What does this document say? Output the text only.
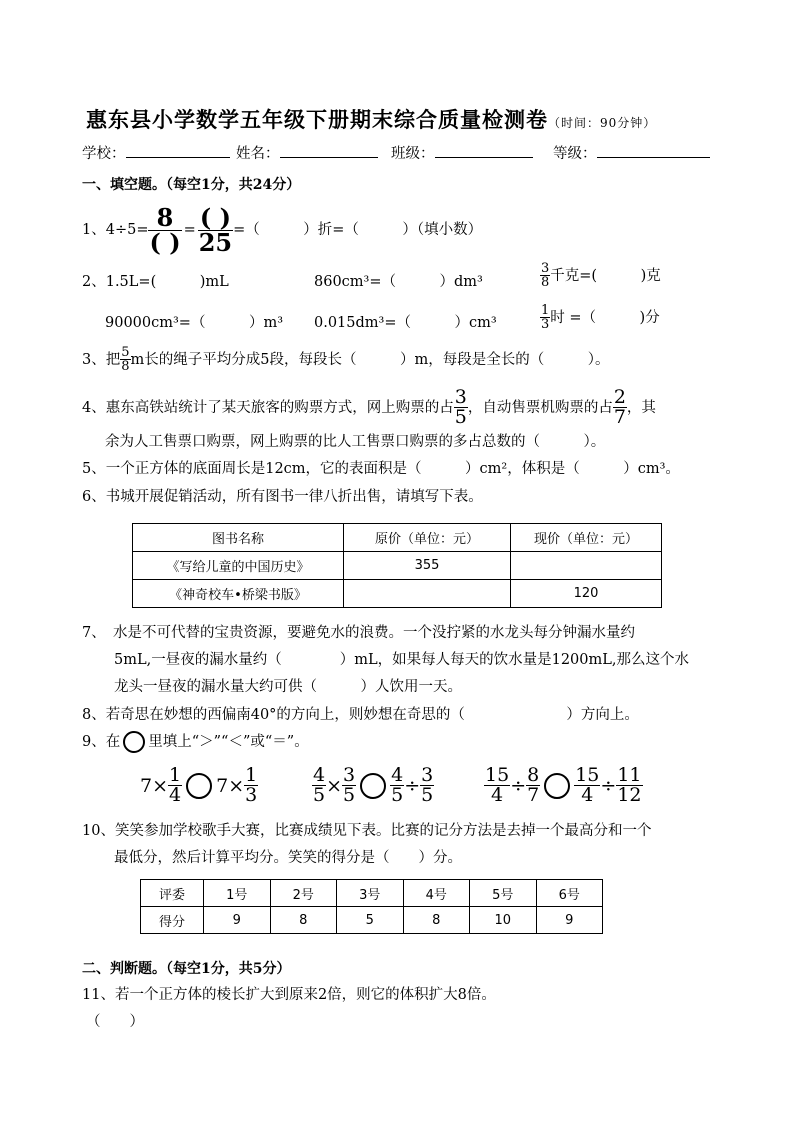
惠东县小学数学五年级下册期末综合质量检测卷（时间：90分钟）
学校：	姓名：	班级：	等级：
一、填空题。（每空1分，共24分）
1、4÷5= 8
( ) = ( )
25 =（　　　）折=（　　　）（填小数）
2、1.5L=(　　　)mL	860cm³=（　　　）dm³
3
8 千克=(　　　)克
90000cm³=（　　　）m³ 0.015dm³=（　　　）cm³
1
3 时 =（　　　)分
3、把 5
8 m长的绳子平均分成5段，每段长（　　　）m，每段是全长的（　　　）。
4、惠东高铁站统计了某天旅客的购票方式，网上购票的占 3
5 ，自动售票机购票的占 2
7 ，其
余为人工售票口购票，网上购票的比人工售票口购票的多占总数的（　　　）。
5、一个正方体的底面周长是12cm，它的表面积是（　　　）cm²，体积是（　　　）cm³。
6、书城开展促销活动，所有图书一律八折出售，请填写下表。
图书名称	原价（单位：元）	现价（单位：元）
《写给儿童的中国历史》	355	
《神奇校车•桥梁书版》		120
7、　水是不可代替的宝贵资源，要避免水的浪费。一个没拧紧的水龙头每分钟漏水量约
5mL,一昼夜的漏水量约（　　　　）mL，如果每人每天的饮水量是1200mL,那么这个水
龙头一昼夜的漏水量大约可供（　　　）人饮用一天。
8、若奇思在妙想的西偏南40°的方向上，则妙想在奇思的（　　　　　　　）方向上。
9、在 里填上“＞”“＜”或“＝”。
7 × 1
4 7 × 1
3
4
5 × 3
5
4
5 ÷ 3
5
15
4 ÷ 8
7
15
4 ÷ 11
12
10、笑笑参加学校歌手大赛，比赛成绩见下表。比赛的记分方法是去掉一个最高分和一个
最低分，然后计算平均分。笑笑的得分是（　　）分。
评委	1号	2号	3号	4号	5号	6号
得分	9	8	5	8	10	9
二、判断题。（每空1分，共5分）
11、若一个正方体的棱长扩大到原来2倍，则它的体积扩大8倍。
（　　）
